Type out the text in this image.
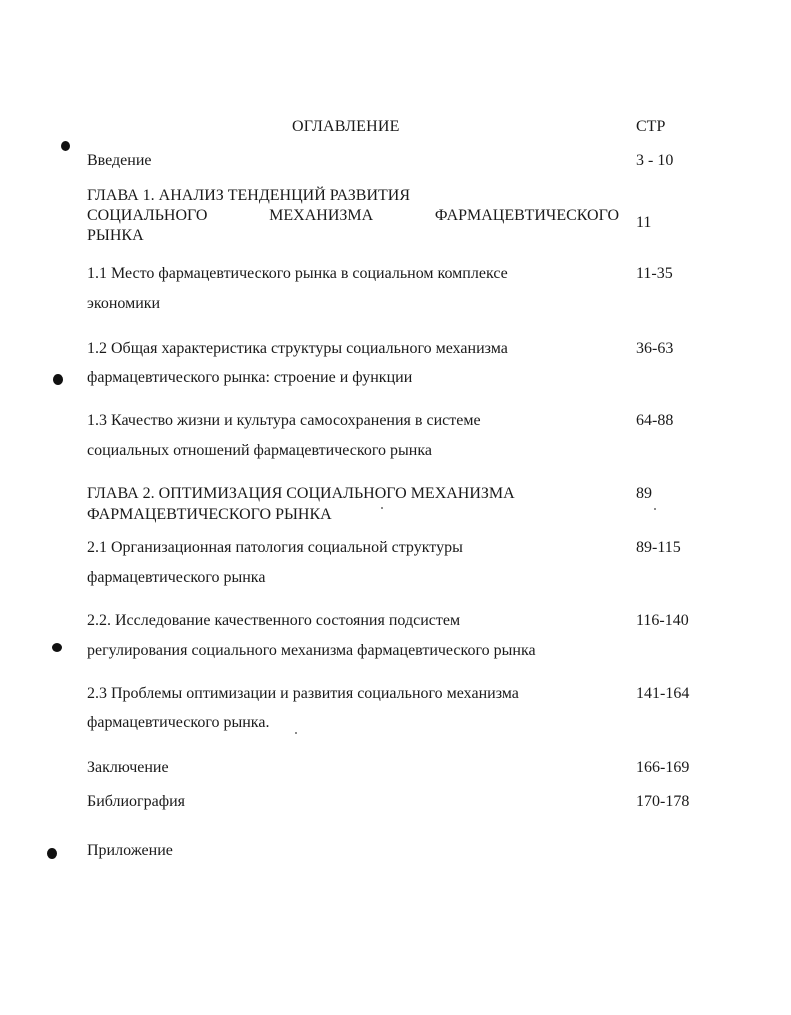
ОГЛАВЛЕНИЕ	СТР
Введение	3 - 10
ГЛАВА 1. АНАЛИЗ ТЕНДЕНЦИЙ РАЗВИТИЯ
СОЦИАЛЬНОГО МЕХАНИЗМА ФАРМАЦЕВТИЧЕСКОГО
РЫНКА
11
1.1 Место фармацевтического рынка в социальном комплексе
экономики
11-35
1.2 Общая характеристика структуры социального механизма
фармацевтического рынка: строение и функции
36-63
1.3 Качество жизни и культура самосохранения в системе
социальных отношений фармацевтического рынка
64-88
ГЛАВА 2. ОПТИМИЗАЦИЯ СОЦИАЛЬНОГО МЕХАНИЗМА
ФАРМАЦЕВТИЧЕСКОГО РЫНКА
89
2.1 Организационная патология социальной структуры
фармацевтического рынка
89-115
2.2. Исследование качественного состояния подсистем
регулирования социального механизма фармацевтического рынка
116-140
2.3 Проблемы оптимизации и развития социального механизма
фармацевтического рынка.
141-164
Заключение	166-169
Библиография	170-178
Приложение
